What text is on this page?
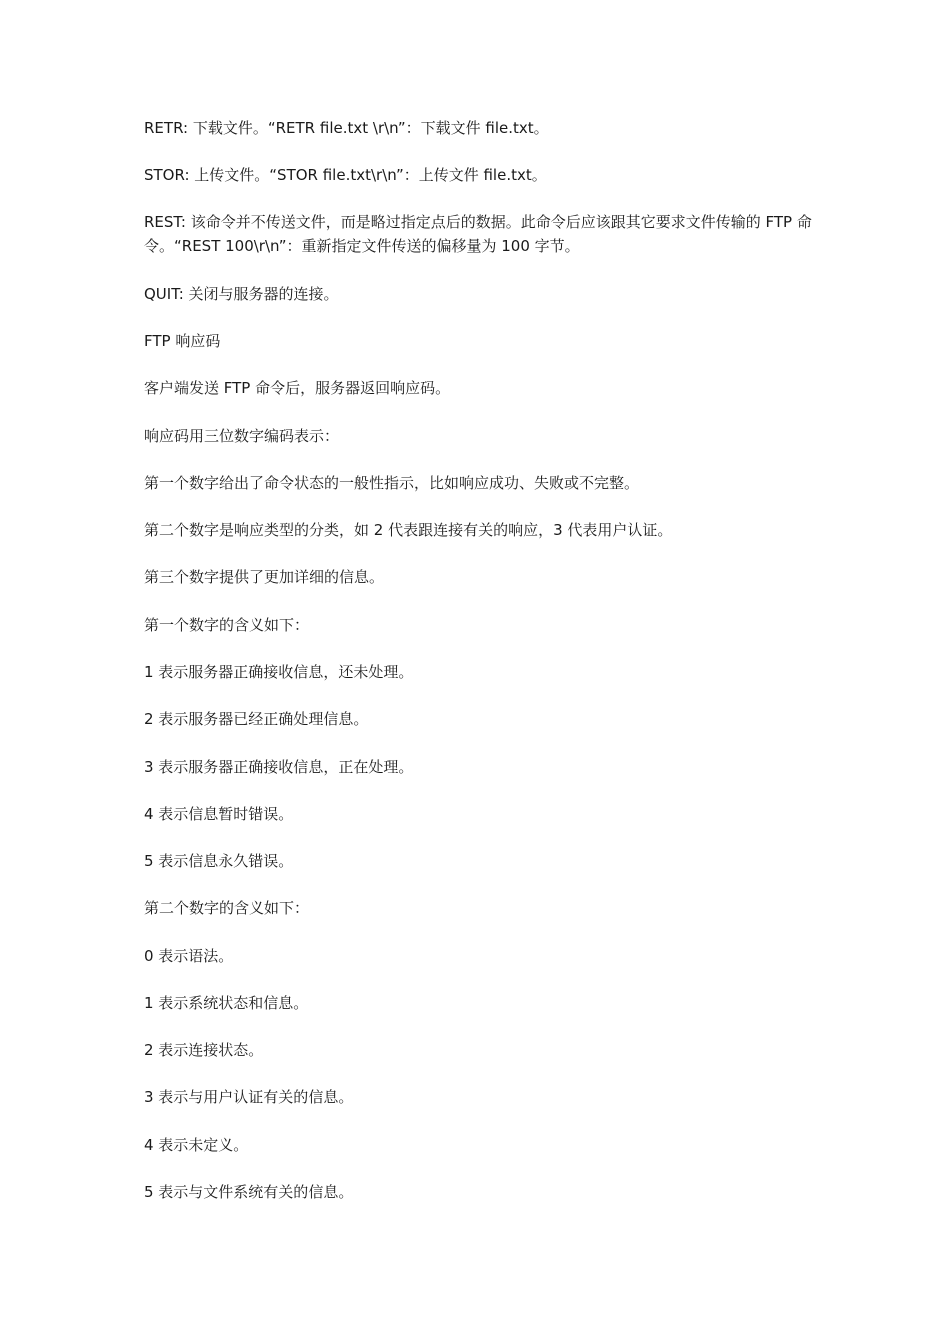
RETR: 下载文件。“RETR file.txt \r\n”：下载文件 file.txt。

STOR: 上传文件。“STOR file.txt\r\n”：上传文件 file.txt。

REST: 该命令并不传送文件，而是略过指定点后的数据。此命令后应该跟其它要求文件传输的 FTP 命令。“REST 100\r\n”：重新指定文件传送的偏移量为 100 字节。

QUIT: 关闭与服务器的连接。

FTP 响应码

客户端发送 FTP 命令后，服务器返回响应码。

响应码用三位数字编码表示：

第一个数字给出了命令状态的一般性指示，比如响应成功、失败或不完整。

第二个数字是响应类型的分类，如 2 代表跟连接有关的响应，3 代表用户认证。

第三个数字提供了更加详细的信息。

第一个数字的含义如下：

1 表示服务器正确接收信息，还未处理。

2 表示服务器已经正确处理信息。

3 表示服务器正确接收信息，正在处理。

4 表示信息暂时错误。

5 表示信息永久错误。

第二个数字的含义如下：

0 表示语法。

1 表示系统状态和信息。

2 表示连接状态。

3 表示与用户认证有关的信息。

4 表示未定义。

5 表示与文件系统有关的信息。
